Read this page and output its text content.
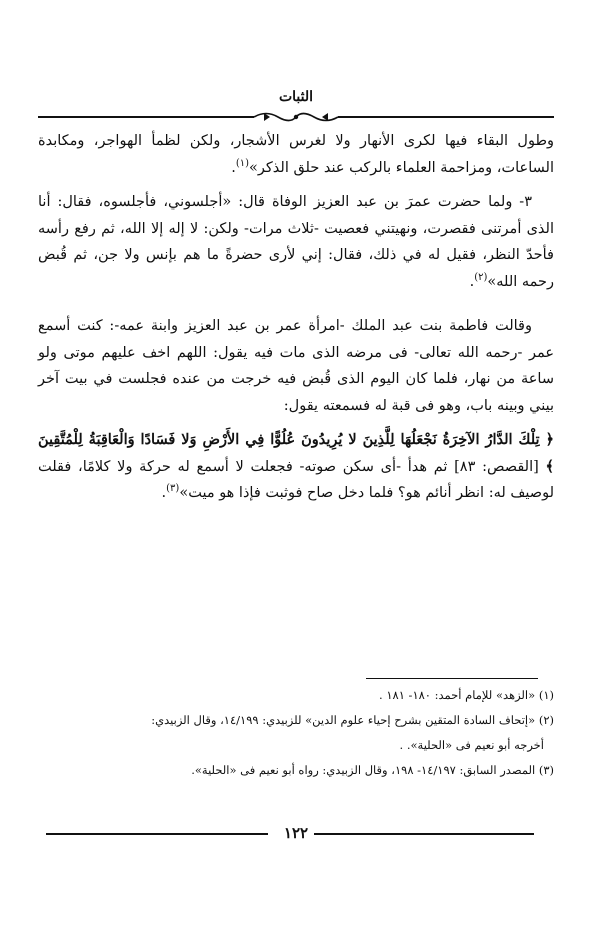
الثبات

وطول البقاء فيها لكرى الأنهار ولا لغرس الأشجار، ولكن لظمأ الهواجر، ومكابدة الساعات، ومزاحمة العلماء بالركب عند حلق الذكر»$^{(١)}$.

٣- ولما حضرت عمرَ بن عبد العزيز الوفاة قال: «أجلسوني، فأجلسوه، فقال: أنا الذى أمرتنى فقصرت، ونهيتني فعصيت -ثلاث مرات- ولكن: لا إله إلا الله، ثم رفع رأسه فأحدّ النظر، فقيل له في ذلك، فقال: إني لأرى حضرةً ما هم بإنس ولا جن، ثم قُبض رحمه الله»$^{(٢)}$.

وقالت فاطمة بنت عبد الملك -امرأة عمر بن عبد العزيز وابنة عمه-: كنت أسمع عمر -رحمه الله تعالى- فى مرضه الذى مات فيه يقول: اللهم اخف عليهم موتى ولو ساعة من نهار، فلما كان اليوم الذى قُبض فيه خرجت من عنده فجلست في بيت آخر بيني وبينه باب، وهو فى قبة له فسمعته يقول:

﴿ تِلْكَ الدَّارُ الآخِرَةُ نَجْعَلُهَا لِلَّذِينَ لا يُرِيدُونَ عُلُوًّا فِي الأَرْضِ وَلا فَسَادًا وَالْعَاقِبَةُ لِلْمُتَّقِينَ ﴾ [القصص: ٨٣] ثم هدأ -أى سكن صوته- فجعلت لا أسمع له حركة ولا كلامًا، فقلت لوصيف له: انظر أنائم هو؟ فلما دخل صاح فوثبت فإذا هو ميت»$^{(٣)}$.

(١) «الزهد» للإمام أحمد: ١٨٠- ١٨١ .

(٢) «إتحاف السادة المتقين بشرح إحياء علوم الدين» للزبيدي: ١٤/١٩٩، وقال الزبيدي:

أخرجه أبو نعيم فى «الحلية». .

(٣) المصدر السابق: ١٤/١٩٧- ١٩٨، وقال الزبيدي: رواه أبو نعيم فى «الحلية».

١٢٢
